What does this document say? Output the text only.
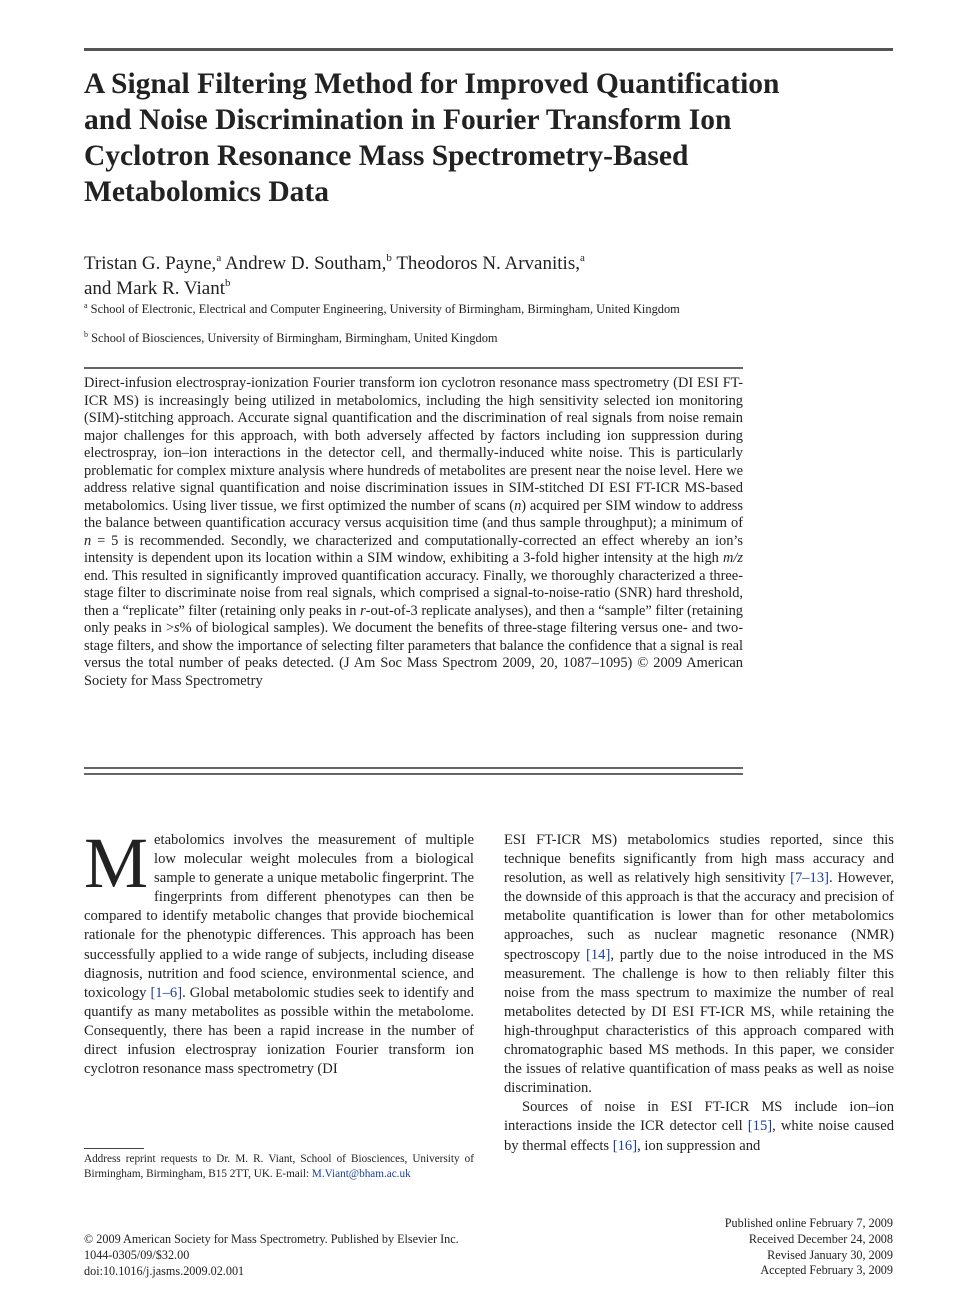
A Signal Filtering Method for Improved Quantification and Noise Discrimination in Fourier Transform Ion Cyclotron Resonance Mass Spectrometry-Based Metabolomics Data
Tristan G. Payne,$^a$ Andrew D. Southam,$^b$ Theodoros N. Arvanitis,$^a$
and Mark R. Viant$^b$
$^a$ School of Electronic, Electrical and Computer Engineering, University of Birmingham, Birmingham, United Kingdom
$^b$ School of Biosciences, University of Birmingham, Birmingham, United Kingdom
Direct-infusion electrospray-ionization Fourier transform ion cyclotron resonance mass spectrometry (DI ESI FT-ICR MS) is increasingly being utilized in metabolomics, including the high sensitivity selected ion monitoring (SIM)-stitching approach. Accurate signal quantification and the discrimination of real signals from noise remain major challenges for this approach, with both adversely affected by factors including ion suppression during electrospray, ion–ion interactions in the detector cell, and thermally-induced white noise. This is particularly problematic for complex mixture analysis where hundreds of metabolites are present near the noise level. Here we address relative signal quantification and noise discrimination issues in SIM-stitched DI ESI FT-ICR MS-based metabolomics. Using liver tissue, we first optimized the number of scans (n) acquired per SIM window to address the balance between quantification accuracy versus acquisition time (and thus sample throughput); a minimum of n = 5 is recommended. Secondly, we characterized and computationally-corrected an effect whereby an ion’s intensity is dependent upon its location within a SIM window, exhibiting a 3-fold higher intensity at the high m/z end. This resulted in significantly improved quantification accuracy. Finally, we thoroughly characterized a three-stage filter to discriminate noise from real signals, which comprised a signal-to-noise-ratio (SNR) hard threshold, then a “replicate” filter (retaining only peaks in r-out-of-3 replicate analyses), and then a “sample” filter (retaining only peaks in >s% of biological samples). We document the benefits of three-stage filtering versus one- and two-stage filters, and show the importance of selecting filter parameters that balance the confidence that a signal is real versus the total number of peaks detected. (J Am Soc Mass Spectrom 2009, 20, 1087–1095) © 2009 American Society for Mass Spectrometry

Metabolomics involves the measurement of multiple low molecular weight molecules from a biological sample to generate a unique metabolic fingerprint. The fingerprints from different phenotypes can then be compared to identify metabolic changes that provide biochemical rationale for the phenotypic differences. This approach has been successfully applied to a wide range of subjects, including disease diagnosis, nutrition and food science, environmental science, and toxicology [1–6]. Global metabolomic studies seek to identify and quantify as many metabolites as possible within the metabolome. Consequently, there has been a rapid increase in the number of direct infusion electrospray ionization Fourier transform ion cyclotron resonance mass spectrometry (DI

ESI FT-ICR MS) metabolomics studies reported, since this technique benefits significantly from high mass accuracy and resolution, as well as relatively high sensitivity [7–13]. However, the downside of this approach is that the accuracy and precision of metabolite quantification is lower than for other metabolomics approaches, such as nuclear magnetic resonance (NMR) spectroscopy [14], partly due to the noise introduced in the MS measurement. The challenge is how to then reliably filter this noise from the mass spectrum to maximize the number of real metabolites detected by DI ESI FT-ICR MS, while retaining the high-throughput characteristics of this approach compared with chromatographic based MS methods. In this paper, we consider the issues of relative quantification of mass peaks as well as noise discrimination.

Sources of noise in ESI FT-ICR MS include ion–ion interactions inside the ICR detector cell [15], white noise caused by thermal effects [16], ion suppression and

Address reprint requests to Dr. M. R. Viant, School of Biosciences, University of Birmingham, Birmingham, B15 2TT, UK. E-mail: M.Viant@bham.ac.uk
© 2009 American Society for Mass Spectrometry. Published by Elsevier Inc.
1044-0305/09/$32.00
doi:10.1016/j.jasms.2009.02.001
Published online February 7, 2009
Received December 24, 2008
Revised January 30, 2009
Accepted February 3, 2009
